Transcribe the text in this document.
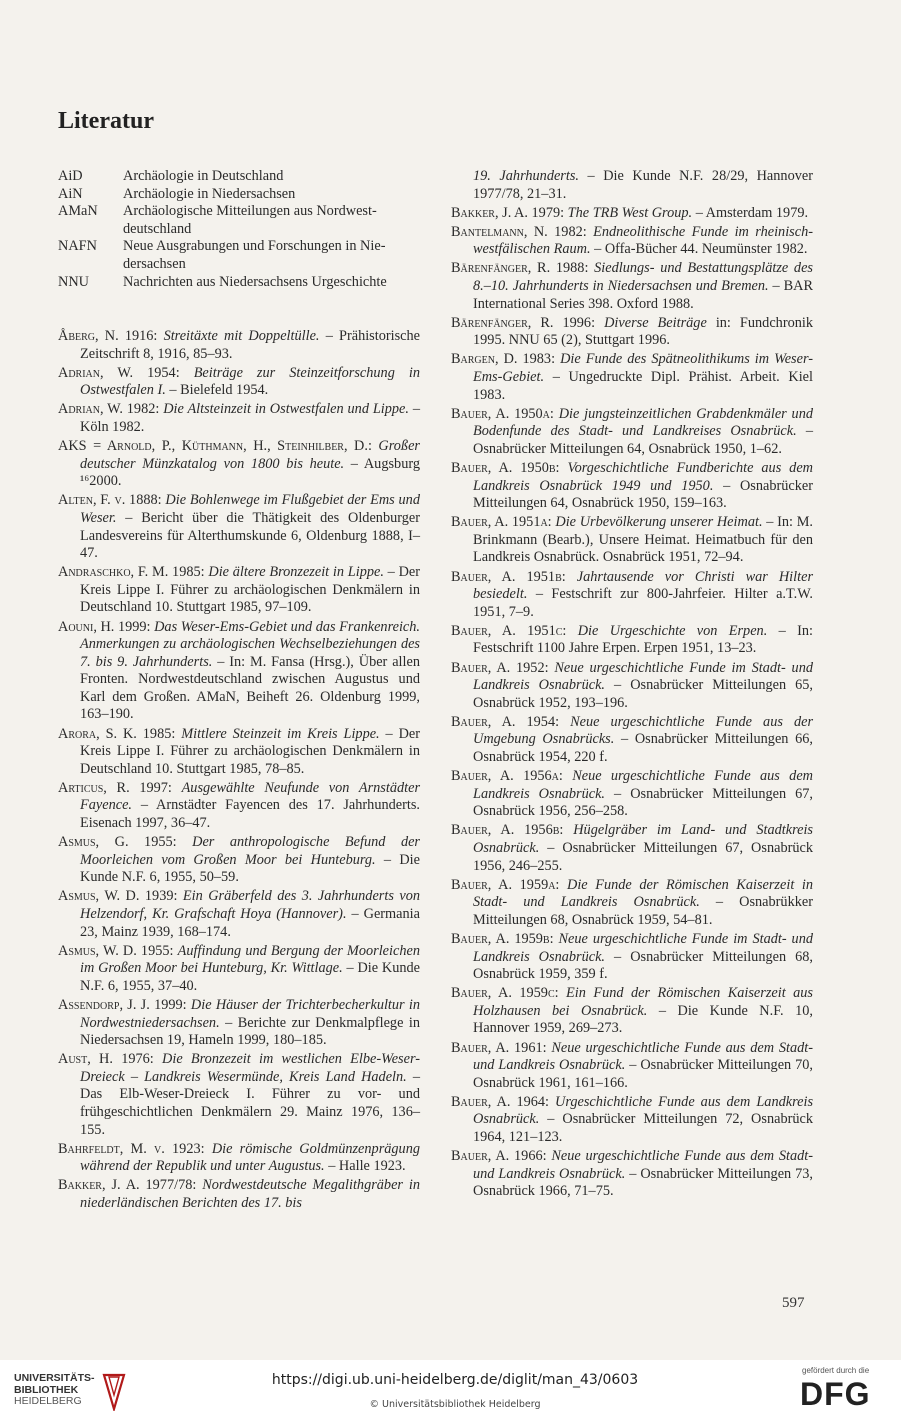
Literatur
AiD	Archäologie in Deutschland
AiN	Archäologie in Niedersachsen
AMaN	Archäologische Mitteilungen aus Nordwestdeutschland
NAFN	Neue Ausgrabungen und Forschungen in Niedersachsen
NNU	Nachrichten aus Niedersachsens Urgeschichte
Åberg, N. 1916: Streitäxte mit Doppeltülle. – Prähistorische Zeitschrift 8, 1916, 85–93.
Adrian, W. 1954: Beiträge zur Steinzeitforschung in Ostwestfalen I. – Bielefeld 1954.
Adrian, W. 1982: Die Altsteinzeit in Ostwestfalen und Lippe. – Köln 1982.
AKS = Arnold, P., Küthmann, H., Steinhilber, D.: Großer deutscher Münzkatalog von 1800 bis heute. – Augsburg ¹⁶2000.
Alten, F. v. 1888: Die Bohlenwege im Flußgebiet der Ems und Weser. – Bericht über die Thätigkeit des Oldenburger Landesvereins für Alterthumskunde 6, Oldenburg 1888, I–47.
Andraschko, F. M. 1985: Die ältere Bronzezeit in Lippe. – Der Kreis Lippe I. Führer zu archäologischen Denkmälern in Deutschland 10. Stuttgart 1985, 97–109.
Aouni, H. 1999: Das Weser-Ems-Gebiet und das Frankenreich. Anmerkungen zu archäologischen Wechselbeziehungen des 7. bis 9. Jahrhunderts. – In: M. Fansa (Hrsg.), Über allen Fronten. Nordwestdeutschland zwischen Augustus und Karl dem Großen. AMaN, Beiheft 26. Oldenburg 1999, 163–190.
Arora, S. K. 1985: Mittlere Steinzeit im Kreis Lippe. – Der Kreis Lippe I. Führer zu archäologischen Denkmälern in Deutschland 10. Stuttgart 1985, 78–85.
Articus, R. 1997: Ausgewählte Neufunde von Arnstädter Fayence. – Arnstädter Fayencen des 17. Jahrhunderts. Eisenach 1997, 36–47.
Asmus, G. 1955: Der anthropologische Befund der Moorleichen vom Großen Moor bei Hunteburg. – Die Kunde N.F. 6, 1955, 50–59.
Asmus, W. D. 1939: Ein Gräberfeld des 3. Jahrhunderts von Helzendorf, Kr. Grafschaft Hoya (Hannover). – Germania 23, Mainz 1939, 168–174.
Asmus, W. D. 1955: Auffindung und Bergung der Moorleichen im Großen Moor bei Hunteburg, Kr. Wittlage. – Die Kunde N.F. 6, 1955, 37–40.
Assendorp, J. J. 1999: Die Häuser der Trichterbecherkultur in Nordwestniedersachsen. – Berichte zur Denkmalpflege in Niedersachsen 19, Hameln 1999, 180–185.
Aust, H. 1976: Die Bronzezeit im westlichen Elbe-Weser-Dreieck – Landkreis Wesermünde, Kreis Land Hadeln. – Das Elb-Weser-Dreieck I. Führer zu vor- und frühgeschichtlichen Denkmälern 29. Mainz 1976, 136–155.
Bahrfeldt, M. v. 1923: Die römische Goldmünzenprägung während der Republik und unter Augustus. – Halle 1923.
Bakker, J. A. 1977/78: Nordwestdeutsche Megalithgräber in niederländischen Berichten des 17. bis
19. Jahrhunderts. – Die Kunde N.F. 28/29, Hannover 1977/78, 21–31.
Bakker, J. A. 1979: The TRB West Group. – Amsterdam 1979.
Bantelmann, N. 1982: Endneolithische Funde im rheinisch-westfälischen Raum. – Offa-Bücher 44. Neumünster 1982.
Bärenfänger, R. 1988: Siedlungs- und Bestattungsplätze des 8.–10. Jahrhunderts in Niedersachsen und Bremen. – BAR International Series 398. Oxford 1988.
Bärenfänger, R. 1996: Diverse Beiträge in: Fundchronik 1995. NNU 65 (2), Stuttgart 1996.
Bargen, D. 1983: Die Funde des Spätneolithikums im Weser-Ems-Gebiet. – Ungedruckte Dipl. Prähist. Arbeit. Kiel 1983.
Bauer, A. 1950a: Die jungsteinzeitlichen Grabdenkmäler und Bodenfunde des Stadt- und Landkreises Osnabrück. – Osnabrücker Mitteilungen 64, Osnabrück 1950, 1–62.
Bauer, A. 1950b: Vorgeschichtliche Fundberichte aus dem Landkreis Osnabrück 1949 und 1950. – Osnabrücker Mitteilungen 64, Osnabrück 1950, 159–163.
Bauer, A. 1951a: Die Urbevölkerung unserer Heimat. – In: M. Brinkmann (Bearb.), Unsere Heimat. Heimatbuch für den Landkreis Osnabrück. Osnabrück 1951, 72–94.
Bauer, A. 1951b: Jahrtausende vor Christi war Hilter besiedelt. – Festschrift zur 800-Jahrfeier. Hilter a.T.W. 1951, 7–9.
Bauer, A. 1951c: Die Urgeschichte von Erpen. – In: Festschrift 1100 Jahre Erpen. Erpen 1951, 13–23.
Bauer, A. 1952: Neue urgeschichtliche Funde im Stadt- und Landkreis Osnabrück. – Osnabrücker Mitteilungen 65, Osnabrück 1952, 193–196.
Bauer, A. 1954: Neue urgeschichtliche Funde aus der Umgebung Osnabrücks. – Osnabrücker Mitteilungen 66, Osnabrück 1954, 220 f.
Bauer, A. 1956a: Neue urgeschichtliche Funde aus dem Landkreis Osnabrück. – Osnabrücker Mitteilungen 67, Osnabrück 1956, 256–258.
Bauer, A. 1956b: Hügelgräber im Land- und Stadtkreis Osnabrück. – Osnabrücker Mitteilungen 67, Osnabrück 1956, 246–255.
Bauer, A. 1959a: Die Funde der Römischen Kaiserzeit in Stadt- und Landkreis Osnabrück. – Osnabrükker Mitteilungen 68, Osnabrück 1959, 54–81.
Bauer, A. 1959b: Neue urgeschichtliche Funde im Stadt- und Landkreis Osnabrück. – Osnabrücker Mitteilungen 68, Osnabrück 1959, 359 f.
Bauer, A. 1959c: Ein Fund der Römischen Kaiserzeit aus Holzhausen bei Osnabrück. – Die Kunde N.F. 10, Hannover 1959, 269–273.
Bauer, A. 1961: Neue urgeschichtliche Funde aus dem Stadt- und Landkreis Osnabrück. – Osnabrücker Mitteilungen 70, Osnabrück 1961, 161–166.
Bauer, A. 1964: Urgeschichtliche Funde aus dem Landkreis Osnabrück. – Osnabrücker Mitteilungen 72, Osnabrück 1964, 121–123.
Bauer, A. 1966: Neue urgeschichtliche Funde aus dem Stadt- und Landkreis Osnabrück. – Osnabrücker Mitteilungen 73, Osnabrück 1966, 71–75.
597
UNIVERSITÄTS-
BIBLIOTHEK
HEIDELBERG
https://digi.ub.uni-heidelberg.de/diglit/man_43/0603
© Universitätsbibliothek Heidelberg
gefördert durch die
DFG
